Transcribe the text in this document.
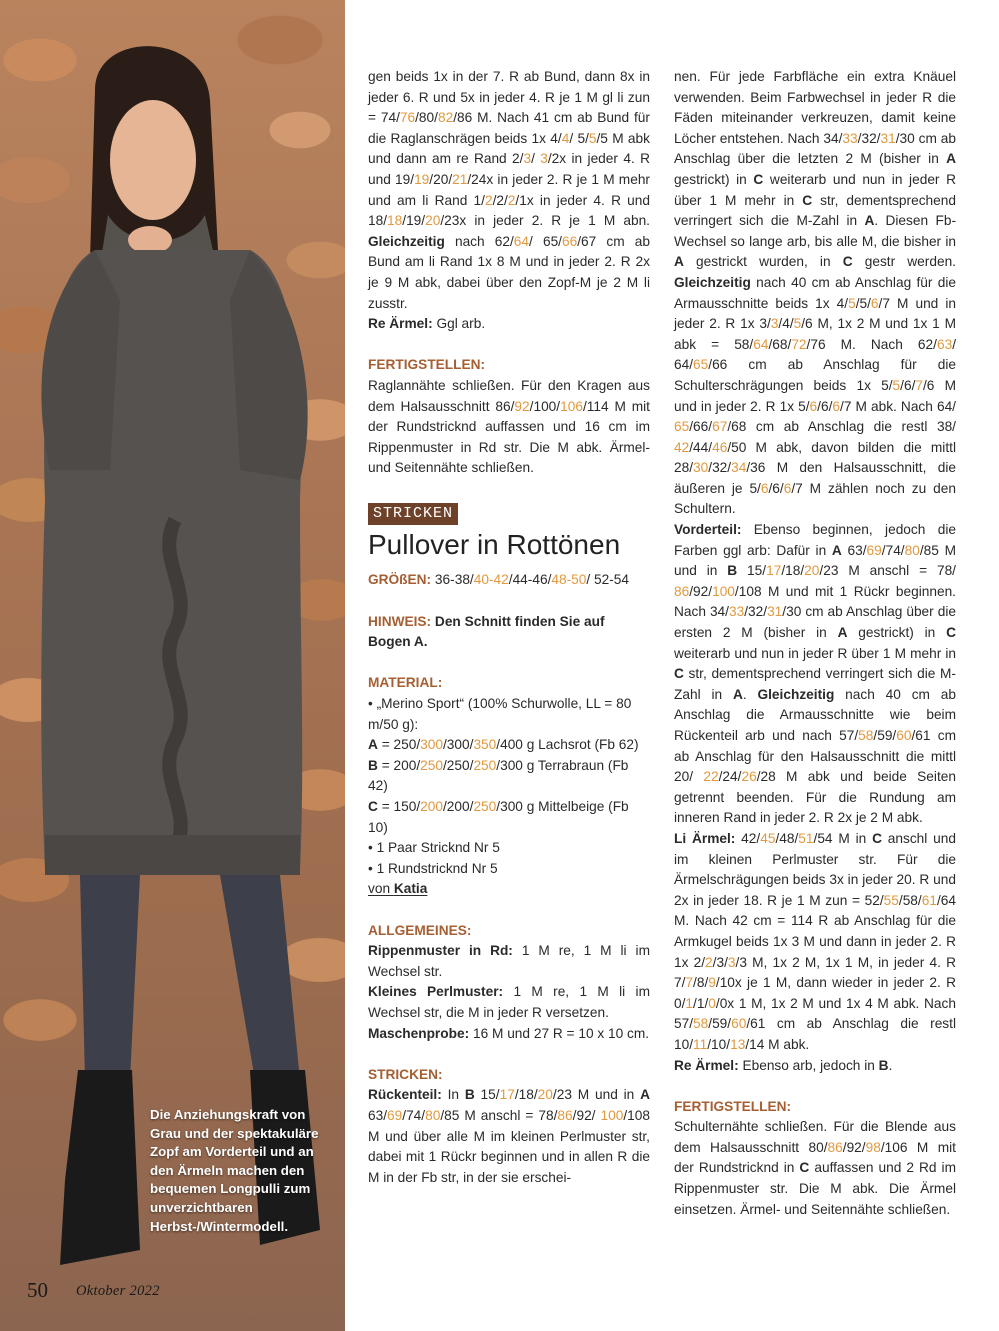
Die Anziehungskraft von Grau und der spektakuläre Zopf am Vorderteil und an den Ärmeln machen den bequemen Longpulli zum unverzichtbaren Herbst-/Wintermodell.
50 Oktober 2022

gen beids 1x in der 7. R ab Bund, dann 8x in jeder 6. R und 5x in jeder 4. R je 1 M gl li zun = 74/76/80/82/86 M. Nach 41 cm ab Bund für die Raglanschrägen beids 1x 4/4/ 5/5/5 M abk und dann am re Rand 2/3/ 3/2x in jeder 4. R und 19/19/20/21/24x in jeder 2. R je 1 M mehr und am li Rand 1/2/2/2/1x in jeder 4. R und 18/18/19/20/23x in jeder 2. R je 1 M abn. Gleichzeitig nach 62/64/ 65/66/67 cm ab Bund am li Rand 1x 8 M und in jeder 2. R 2x je 9 M abk, dabei über den Zopf-M je 2 M li zusstr.

Re Ärmel: Ggl arb.

FERTIGSTELLEN:

Raglannähte schließen. Für den Kragen aus dem Halsausschnitt 86/92/100/106/114 M mit der Rundstricknd auffassen und 16 cm im Rippenmuster in Rd str. Die M abk. Ärmel- und Seitennähte schließen.

STRICKEN
Pullover in Rottönen

GRÖßEN: 36-38/40-42/44-46/48-50/ 52-54

HINWEIS: Den Schnitt finden Sie auf Bogen A.

MATERIAL:

• „Merino Sport“ (100% Schurwolle, LL = 80 m/50 g):

A = 250/300/300/350/400 g Lachsrot (Fb 62)

B = 200/250/250/250/300 g Terrabraun (Fb 42)

C = 150/200/200/250/300 g Mittelbeige (Fb 10)

• 1 Paar Stricknd Nr 5

• 1 Rundstricknd Nr 5

von Katia

ALLGEMEINES:

Rippenmuster in Rd: 1 M re, 1 M li im Wechsel str.

Kleines Perlmuster: 1 M re, 1 M li im Wechsel str, die M in jeder R versetzen.

Maschenprobe: 16 M und 27 R = 10 x 10 cm.

STRICKEN:

Rückenteil: In B 15/17/18/20/23 M und in A 63/69/74/80/85 M anschl = 78/86/92/ 100/108 M und über alle M im kleinen Perlmuster str, dabei mit 1 Rückr beginnen und in allen R die M in der Fb str, in der sie erschei-

nen. Für jede Farbfläche ein extra Knäuel verwenden. Beim Farbwechsel in jeder R die Fäden miteinander verkreuzen, damit keine Löcher entstehen. Nach 34/33/32/31/30 cm ab Anschlag über die letzten 2 M (bisher in A gestrickt) in C weiterarb und nun in jeder R über 1 M mehr in C str, dementsprechend verringert sich die M-Zahl in A. Diesen Fb-Wechsel so lange arb, bis alle M, die bisher in A gestrickt wurden, in C gestr werden. Gleichzeitig nach 40 cm ab Anschlag für die Armausschnitte beids 1x 4/5/5/6/7 M und in jeder 2. R 1x 3/3/4/5/6 M, 1x 2 M und 1x 1 M abk = 58/64/68/72/76 M. Nach 62/63/ 64/65/66 cm ab Anschlag für die Schulterschrägungen beids 1x 5/5/6/7/6 M und in jeder 2. R 1x 5/6/6/6/7 M abk. Nach 64/ 65/66/67/68 cm ab Anschlag die restl 38/ 42/44/46/50 M abk, davon bilden die mittl 28/30/32/34/36 M den Halsausschnitt, die äußeren je 5/6/6/6/7 M zählen noch zu den Schultern.

Vorderteil: Ebenso beginnen, jedoch die Farben ggl arb: Dafür in A 63/69/74/80/85 M und in B 15/17/18/20/23 M anschl = 78/ 86/92/100/108 M und mit 1 Rückr beginnen. Nach 34/33/32/31/30 cm ab Anschlag über die ersten 2 M (bisher in A gestrickt) in C weiterarb und nun in jeder R über 1 M mehr in C str, dementsprechend verringert sich die M-Zahl in A. Gleichzeitig nach 40 cm ab Anschlag die Armausschnitte wie beim Rückenteil arb und nach 57/58/59/60/61 cm ab Anschlag für den Halsausschnitt die mittl 20/ 22/24/26/28 M abk und beide Seiten getrennt beenden. Für die Rundung am inneren Rand in jeder 2. R 2x je 2 M abk.

Li Ärmel: 42/45/48/51/54 M in C anschl und im kleinen Perlmuster str. Für die Ärmelschrägungen beids 3x in jeder 20. R und 2x in jeder 18. R je 1 M zun = 52/55/58/61/64 M. Nach 42 cm = 114 R ab Anschlag für die Armkugel beids 1x 3 M und dann in jeder 2. R 1x 2/2/3/3/3 M, 1x 2 M, 1x 1 M, in jeder 4. R 7/7/8/9/10x je 1 M, dann wieder in jeder 2. R 0/1/1/0/0x 1 M, 1x 2 M und 1x 4 M abk. Nach 57/58/59/60/61 cm ab Anschlag die restl 10/11/10/13/14 M abk.

Re Ärmel: Ebenso arb, jedoch in B.

FERTIGSTELLEN:

Schulternähte schließen. Für die Blende aus dem Halsausschnitt 80/86/92/98/106 M mit der Rundstricknd in C auffassen und 2 Rd im Rippenmuster str. Die M abk. Die Ärmel einsetzen. Ärmel- und Seitennähte schließen.
